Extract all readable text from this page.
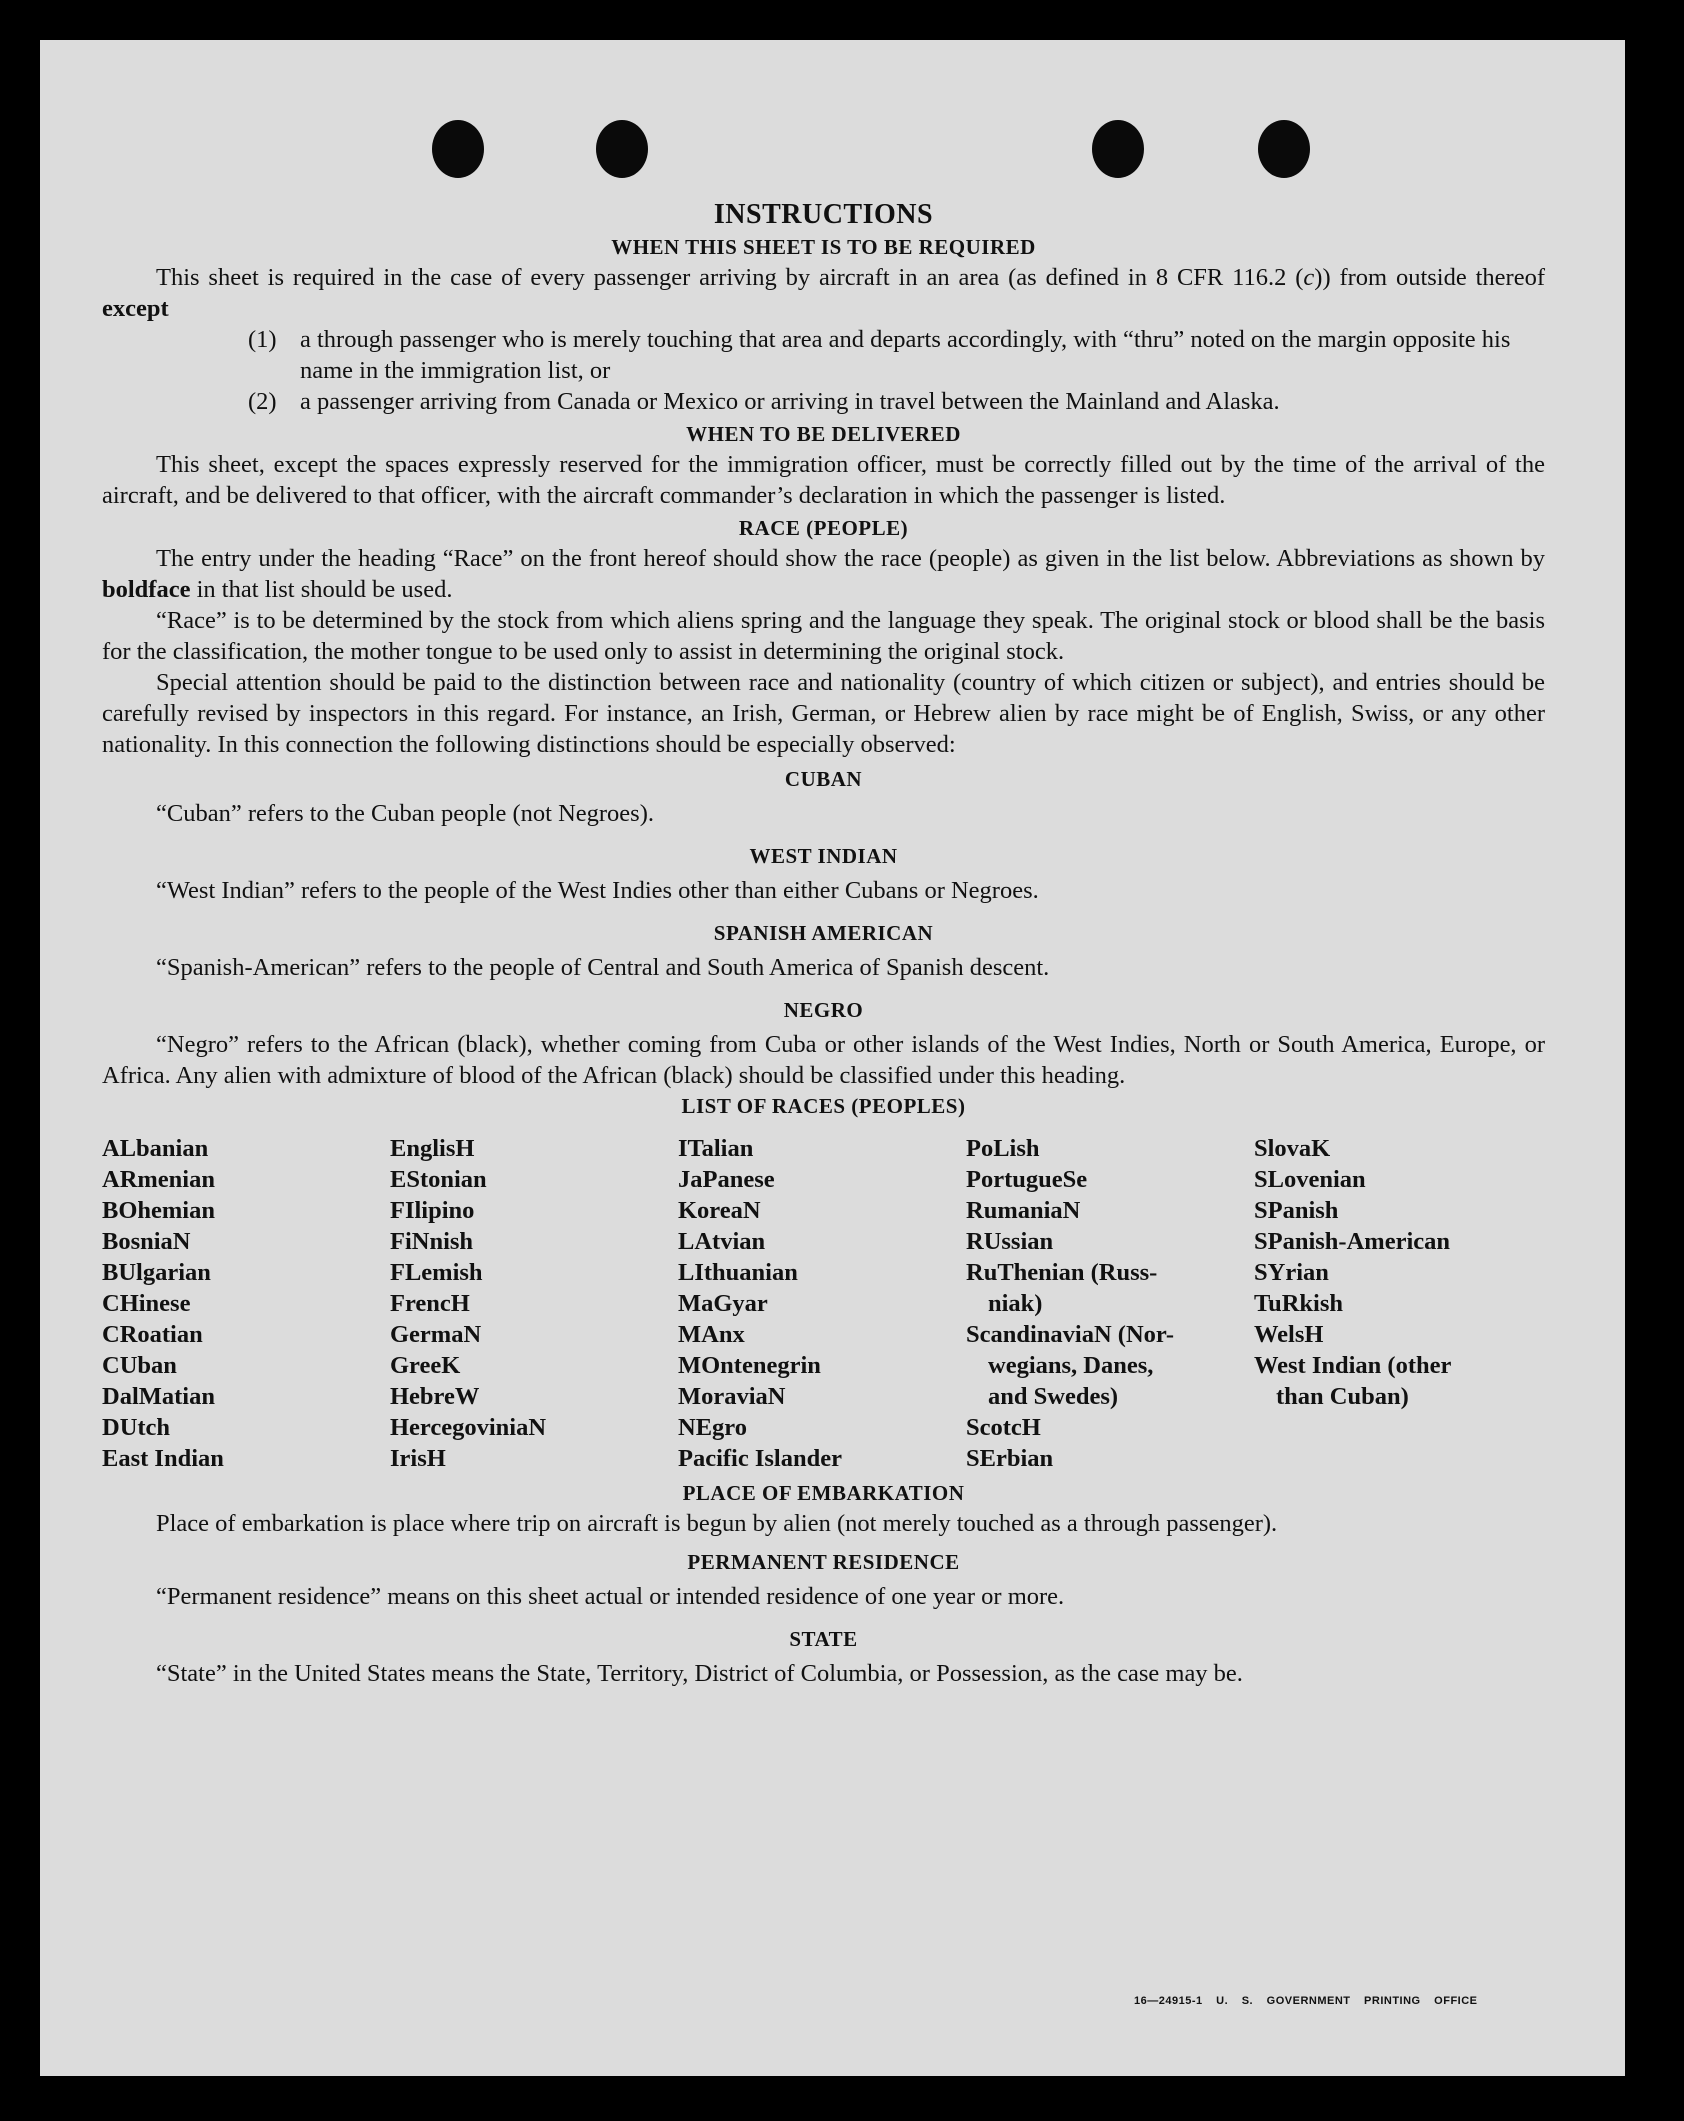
INSTRUCTIONS
WHEN THIS SHEET IS TO BE REQUIRED

This sheet is required in the case of every passenger arriving by aircraft in an area (as defined in 8 CFR 116.2 (c)) from outside thereof except

(1) a through passenger who is merely touching that area and departs accordingly, with “thru” noted on the margin opposite his name in the immigration list, or

(2) a passenger arriving from Canada or Mexico or arriving in travel between the Mainland and Alaska.

WHEN TO BE DELIVERED

This sheet, except the spaces expressly reserved for the immigration officer, must be correctly filled out by the time of the arrival of the aircraft, and be delivered to that officer, with the aircraft commander’s declaration in which the passenger is listed.

RACE (PEOPLE)

The entry under the heading “Race” on the front hereof should show the race (people) as given in the list below. Abbreviations as shown by boldface in that list should be used.

“Race” is to be determined by the stock from which aliens spring and the language they speak. The original stock or blood shall be the basis for the classification, the mother tongue to be used only to assist in determining the original stock.

Special attention should be paid to the distinction between race and nationality (country of which citizen or subject), and entries should be carefully revised by inspectors in this regard. For instance, an Irish, German, or Hebrew alien by race might be of English, Swiss, or any other nationality. In this connection the following distinctions should be especially observed:

CUBAN

“Cuban” refers to the Cuban people (not Negroes).

WEST INDIAN

“West Indian” refers to the people of the West Indies other than either Cubans or Negroes.

SPANISH AMERICAN

“Spanish-American” refers to the people of Central and South America of Spanish descent.

NEGRO

“Negro” refers to the African (black), whether coming from Cuba or other islands of the West Indies, North or South America, Europe, or Africa. Any alien with admixture of blood of the African (black) should be classified under this heading.

LIST OF RACES (PEOPLES)
ALbanian
ARmenian
BOhemian
BosniaN
BUlgarian
CHinese
CRoatian
CUban
DalMatian
DUtch
East Indian
EnglisH
EStonian
FIlipino
FiNnish
FLemish
FrencH
GermaN
GreeK
HebreW
HercegoviniaN
IrisH
ITalian
JaPanese
KoreaN
LAtvian
LIthuanian
MaGyar
MAnx
MOntenegrin
MoraviaN
NEgro
Pacific Islander
PoLish
PortugueSe
RumaniaN
RUssian
RuThenian (Russ-
niak)
ScandinaviaN (Nor-
wegians, Danes,
and Swedes)
ScotcH
SErbian
SlovaK
SLovenian
SPanish
SPanish-American
SYrian
TuRkish
WelsH
West Indian (other
than Cuban)
PLACE OF EMBARKATION

Place of embarkation is place where trip on aircraft is begun by alien (not merely touched as a through passenger).

PERMANENT RESIDENCE

“Permanent residence” means on this sheet actual or intended residence of one year or more.

STATE

“State” in the United States means the State, Territory, District of Columbia, or Possession, as the case may be.

16—24915-1 U. S. GOVERNMENT PRINTING OFFICE
